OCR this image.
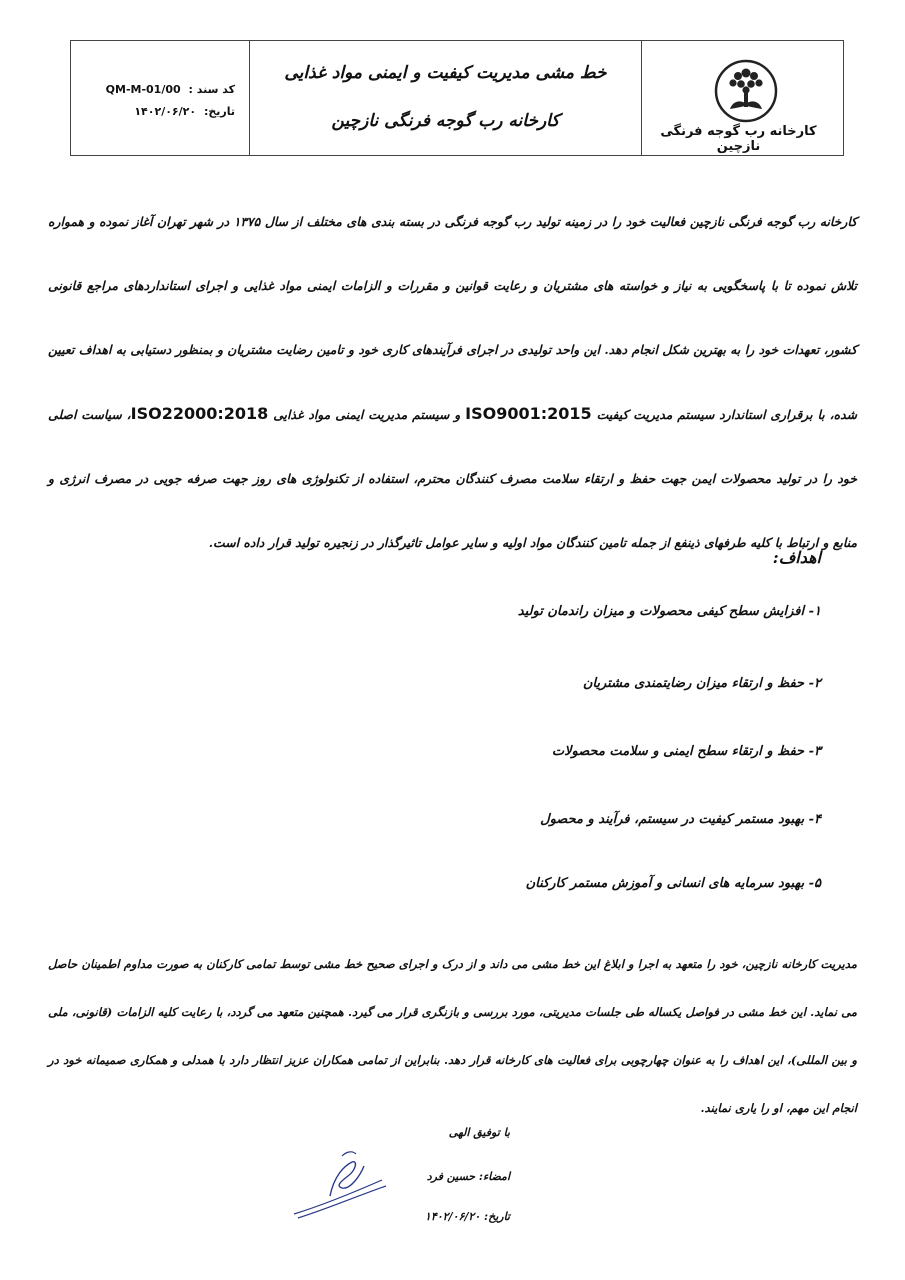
کارخانه رب گوجه فرنگی نازچین
خط مشی مدیریت کیفیت و ایمنی مواد غذایی
کارخانه رب گوجه فرنگی نازچین
کد سند : QM-M-01/00
تاریخ: ۱۴۰۲/۰۶/۲۰
کارخانه رب گوجه فرنگی نازچین فعالیت خود را در زمینه تولید رب گوجه فرنگی در بسته بندی های مختلف از سال ۱۳۷۵ در شهر تهران آغاز نموده و همواره تلاش نموده تا با پاسخگویی به نیاز و خواسته های مشتریان و رعایت قوانین و مقررات و الزامات ایمنی مواد غذایی و اجرای استانداردهای مراجع قانونی کشور، تعهدات خود را به بهترین شکل انجام دهد. این واحد تولیدی در اجرای فرآیندهای کاری خود و تامین رضایت مشتریان و بمنظور دستیابی به اهداف تعیین شده، با برقراری استاندارد سیستم مدیریت کیفیت ISO9001:2015 و سیستم مدیریت ایمنی مواد غذایی ISO22000:2018، سیاست اصلی خود را در تولید محصولات ایمن جهت حفظ و ارتقاء سلامت مصرف کنندگان محترم، استفاده از تکنولوژی های روز جهت صرفه جویی در مصرف انرژی و منابع و ارتباط با کلیه طرفهای ذینفع از جمله تامین کنندگان مواد اولیه و سایر عوامل تاثیرگذار در زنجیره تولید قرار داده است.
اهداف:
۱- افزایش سطح کیفی محصولات و میزان راندمان تولید
۲- حفظ و ارتقاء میزان رضایتمندی مشتریان
۳- حفظ و ارتقاء سطح ایمنی و سلامت محصولات
۴- بهبود مستمر کیفیت در سیستم، فرآیند و محصول
۵- بهبود سرمایه های انسانی و آموزش مستمر کارکنان
مدیریت کارخانه نازچین، خود را متعهد به اجرا و ابلاغ این خط مشی می داند و از درک و اجرای صحیح خط مشی توسط تمامی کارکنان به صورت مداوم اطمینان حاصل می نماید. این خط مشی در فواصل یکساله طی جلسات مدیریتی، مورد بررسی و بازنگری قرار می گیرد. همچنین متعهد می گردد، با رعایت کلیه الزامات (قانونی، ملی و بین المللی)، این اهداف را به عنوان چهارچوبی برای فعالیت های کارخانه قرار دهد. بنابراین از تمامی همکاران عزیز انتظار دارد با همدلی و همکاری صمیمانه خود در انجام این مهم، او را یاری نمایند.
با توفیق الهی
امضاء: حسین فرد
تاریخ: ۱۴۰۲/۰۶/۲۰
